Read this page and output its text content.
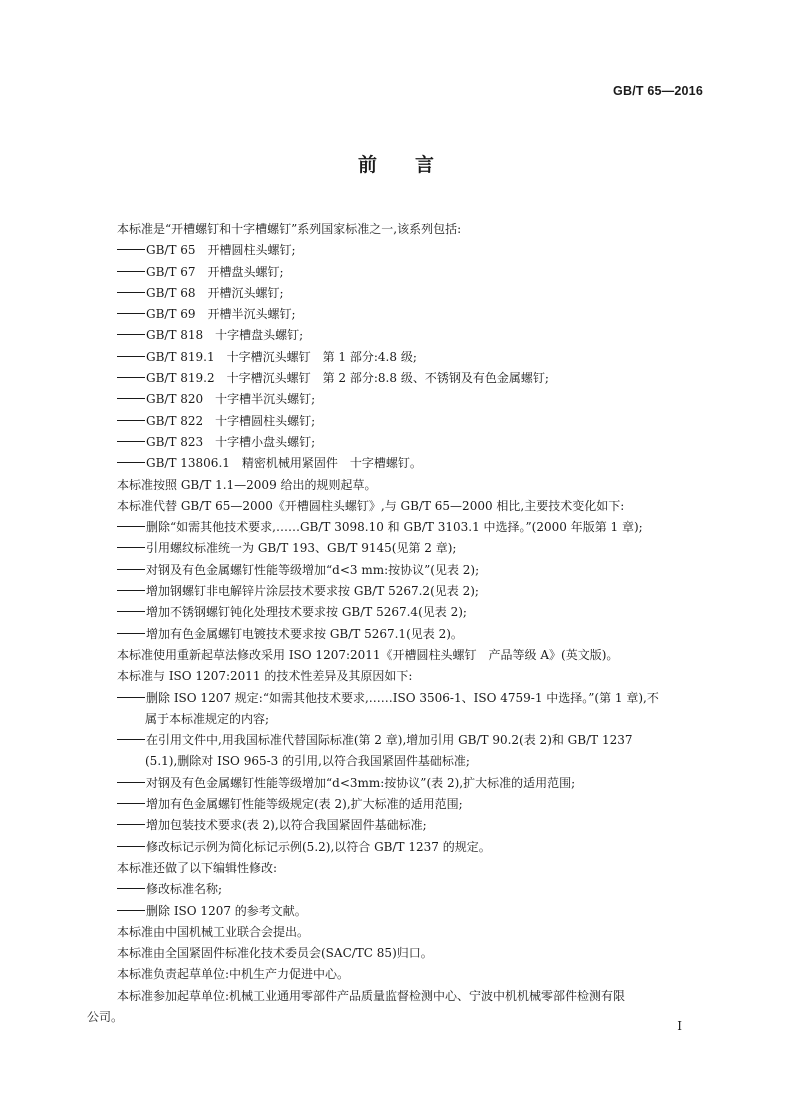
GB/T 65—2016
前 言
本标准是“开槽螺钉和十字槽螺钉”系列国家标准之一,该系列包括:
GB/T 65　开槽圆柱头螺钉;
GB/T 67　开槽盘头螺钉;
GB/T 68　开槽沉头螺钉;
GB/T 69　开槽半沉头螺钉;
GB/T 818　十字槽盘头螺钉;
GB/T 819.1　十字槽沉头螺钉　第 1 部分:4.8 级;
GB/T 819.2　十字槽沉头螺钉　第 2 部分:8.8 级、不锈钢及有色金属螺钉;
GB/T 820　十字槽半沉头螺钉;
GB/T 822　十字槽圆柱头螺钉;
GB/T 823　十字槽小盘头螺钉;
GB/T 13806.1　精密机械用紧固件　十字槽螺钉。
本标准按照 GB/T 1.1—2009 给出的规则起草。
本标准代替 GB/T 65—2000《开槽圆柱头螺钉》,与 GB/T 65—2000 相比,主要技术变化如下:
删除“如需其他技术要求,……GB/T 3098.10 和 GB/T 3103.1 中选择。”(2000 年版第 1 章);
引用螺纹标准统一为 GB/T 193、GB/T 9145(见第 2 章);
对钢及有色金属螺钉性能等级增加“d<3 mm:按协议”(见表 2);
增加钢螺钉非电解锌片涂层技术要求按 GB/T 5267.2(见表 2);
增加不锈钢螺钉钝化处理技术要求按 GB/T 5267.4(见表 2);
增加有色金属螺钉电镀技术要求按 GB/T 5267.1(见表 2)。
本标准使用重新起草法修改采用 ISO 1207:2011《开槽圆柱头螺钉　产品等级 A》(英文版)。
本标准与 ISO 1207:2011 的技术性差异及其原因如下:
删除 ISO 1207 规定:“如需其他技术要求,……ISO 3506-1、ISO 4759-1 中选择。”(第 1 章),不
属于本标准规定的内容;
在引用文件中,用我国标准代替国际标准(第 2 章),增加引用 GB/T 90.2(表 2)和 GB/T 1237
(5.1),删除对 ISO 965-3 的引用,以符合我国紧固件基础标准;
对钢及有色金属螺钉性能等级增加“d<3mm:按协议”(表 2),扩大标准的适用范围;
增加有色金属螺钉性能等级规定(表 2),扩大标准的适用范围;
增加包装技术要求(表 2),以符合我国紧固件基础标准;
修改标记示例为简化标记示例(5.2),以符合 GB/T 1237 的规定。
本标准还做了以下编辑性修改:
修改标准名称;
删除 ISO 1207 的参考文献。
本标准由中国机械工业联合会提出。
本标准由全国紧固件标准化技术委员会(SAC/TC 85)归口。
本标准负责起草单位:中机生产力促进中心。
本标准参加起草单位:机械工业通用零部件产品质量监督检测中心、宁波中机机械零部件检测有限
公司。
I
